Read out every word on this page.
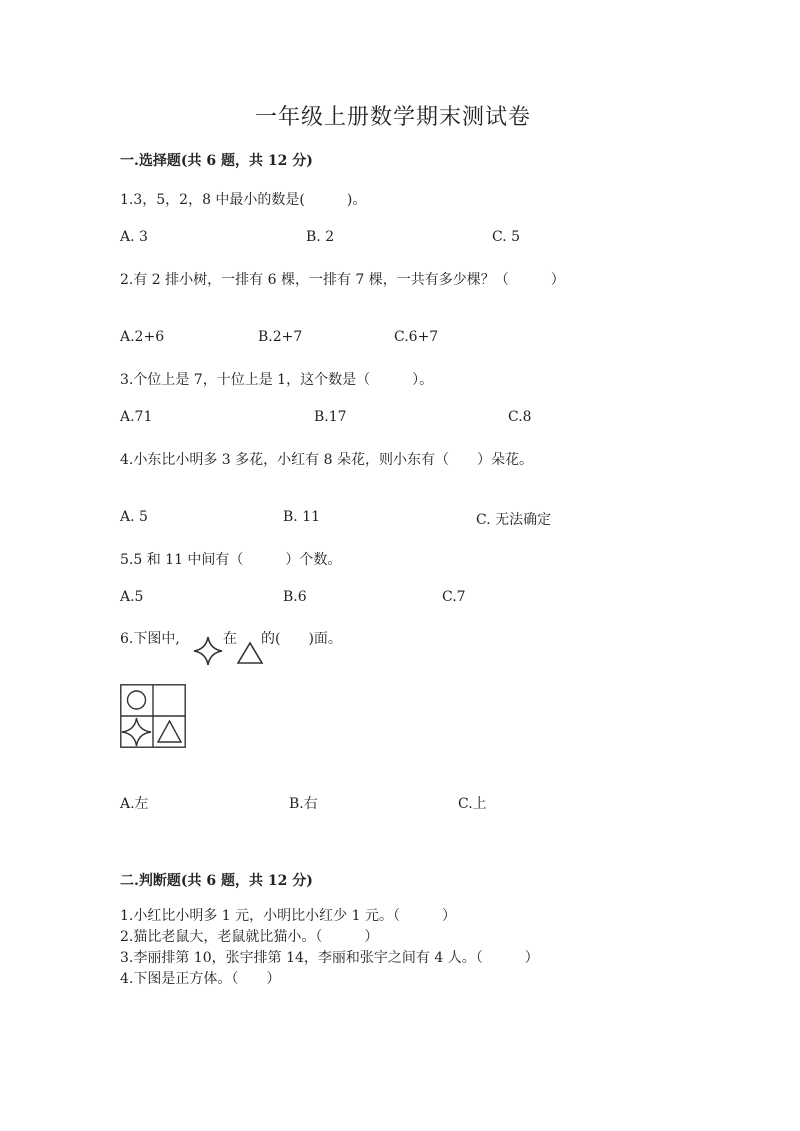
一年级上册数学期末测试卷
一.选择题(共 6 题，共 12 分)
1.3，5，2，8 中最小的数是(　　　)。
A. 3	B. 2	C. 5
2.有 2 排小树，一排有 6 棵，一排有 7 棵，一共有多少棵？（　　　）
A.2+6	B.2+7	C.6+7
3.个位上是 7，十位上是 1，这个数是（　　　）。
A.71	B.17	C.8
4.小东比小明多 3 多花，小红有 8 朵花，则小东有（　　）朵花。
A. 5	B. 11	C. 无法确定
5.5 和 11 中间有（　　　）个数。
A.5	B.6	C.7
6.下图中,	在 的(　　)面。
A.左	B.右	C.上
二.判断题(共 6 题，共 12 分)
1.小红比小明多 1 元，小明比小红少 1 元。（　　　）
2.猫比老鼠大，老鼠就比猫小。（　　　）
3.李丽排第 10，张宇排第 14，李丽和张宇之间有 4 人。（　　　）
4.下图是正方体。（　　）
